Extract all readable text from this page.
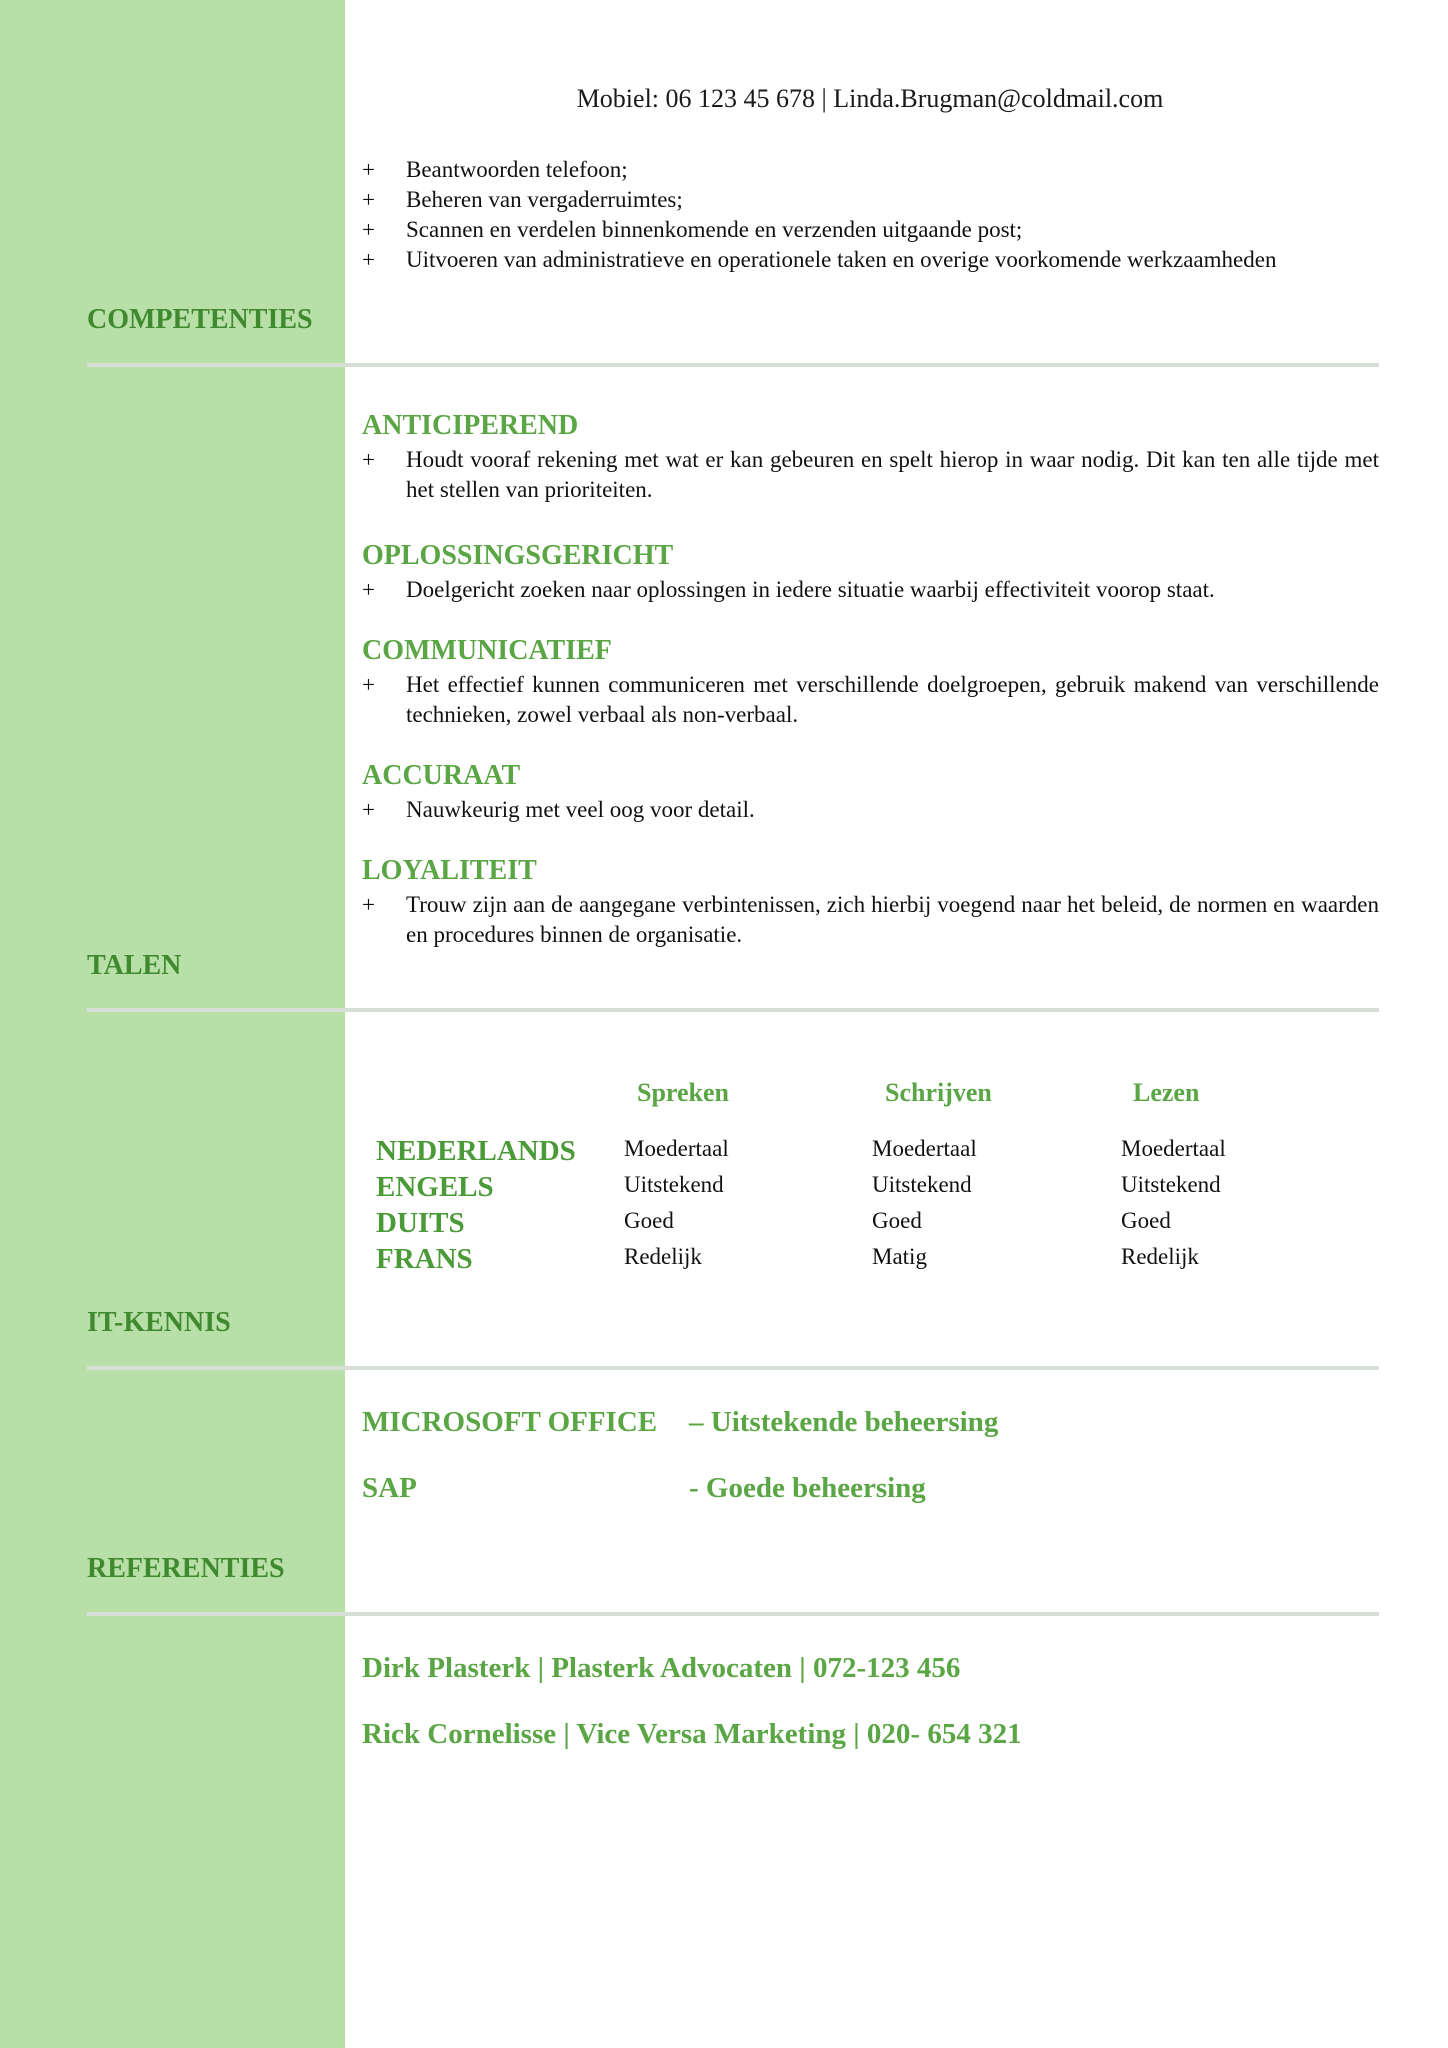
Mobiel: 06 123 45 678 | Linda.Brugman@coldmail.com
+	Beantwoorden telefoon;
+	Beheren van vergaderruimtes;
+	Scannen en verdelen binnenkomende en verzenden uitgaande post;
+	Uitvoeren van administratieve en operationele taken en overige voorkomende werkzaamheden
COMPETENTIES
ANTICIPEREND
+	Houdt vooraf rekening met wat er kan gebeuren en spelt hierop in waar nodig. Dit kan ten alle tijde met het stellen van prioriteiten.
OPLOSSINGSGERICHT
+	Doelgericht zoeken naar oplossingen in iedere situatie waarbij effectiviteit voorop staat.
COMMUNICATIEF
+	Het effectief kunnen communiceren met verschillende doelgroepen, gebruik makend van verschillende technieken, zowel verbaal als non-verbaal.
ACCURAAT
+	Nauwkeurig met veel oog voor detail.
LOYALITEIT
+	Trouw zijn aan de aangegane verbintenissen, zich hierbij voegend naar het beleid, de normen en waarden en procedures binnen de organisatie.
TALEN
Spreken	Schrijven	Lezen
NEDERLANDS Moedertaal	Moedertaal	Moedertaal
ENGELS	Uitstekend	Uitstekend	Uitstekend
DUITS	Goed	Goed	Goed
FRANS	Redelijk	Matig	Redelijk
IT-KENNIS
MICROSOFT OFFICE – Uitstekende beheersing
SAP	- Goede beheersing
REFERENTIES
Dirk Plasterk | Plasterk Advocaten | 072-123 456
Rick Cornelisse | Vice Versa Marketing | 020- 654 321
